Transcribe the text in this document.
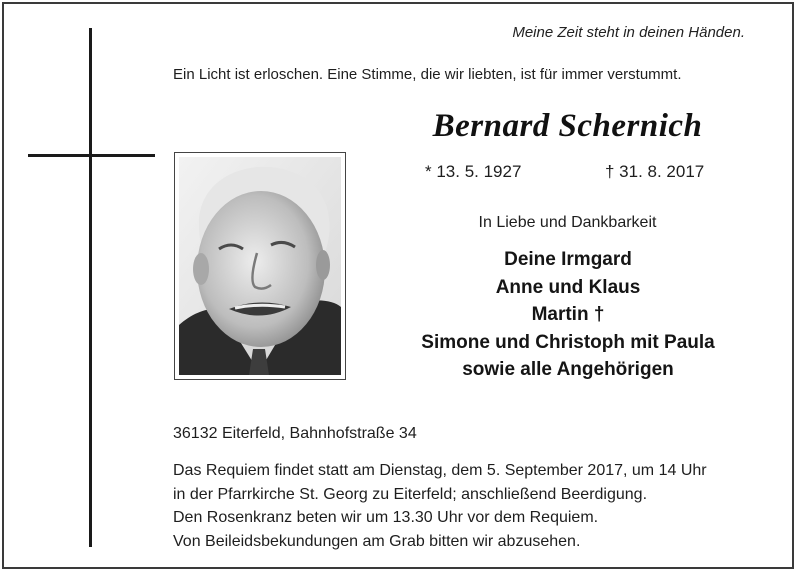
Meine Zeit steht in deinen Händen.
Ein Licht ist erloschen. Eine Stimme, die wir liebten, ist für immer verstummt.
Bernard Schernich
* 13. 5. 1927	† 31. 8. 2017
In Liebe und Dankbarkeit
Deine Irmgard
Anne und Klaus
Martin †
Simone und Christoph mit Paula
sowie alle Angehörigen
36132 Eiterfeld, Bahnhofstraße 34
Das Requiem findet statt am Dienstag, dem 5. September 2017, um 14 Uhr
in der Pfarrkirche St. Georg zu Eiterfeld; anschließend Beerdigung.
Den Rosenkranz beten wir um 13.30 Uhr vor dem Requiem.
Von Beileidsbekundungen am Grab bitten wir abzusehen.
